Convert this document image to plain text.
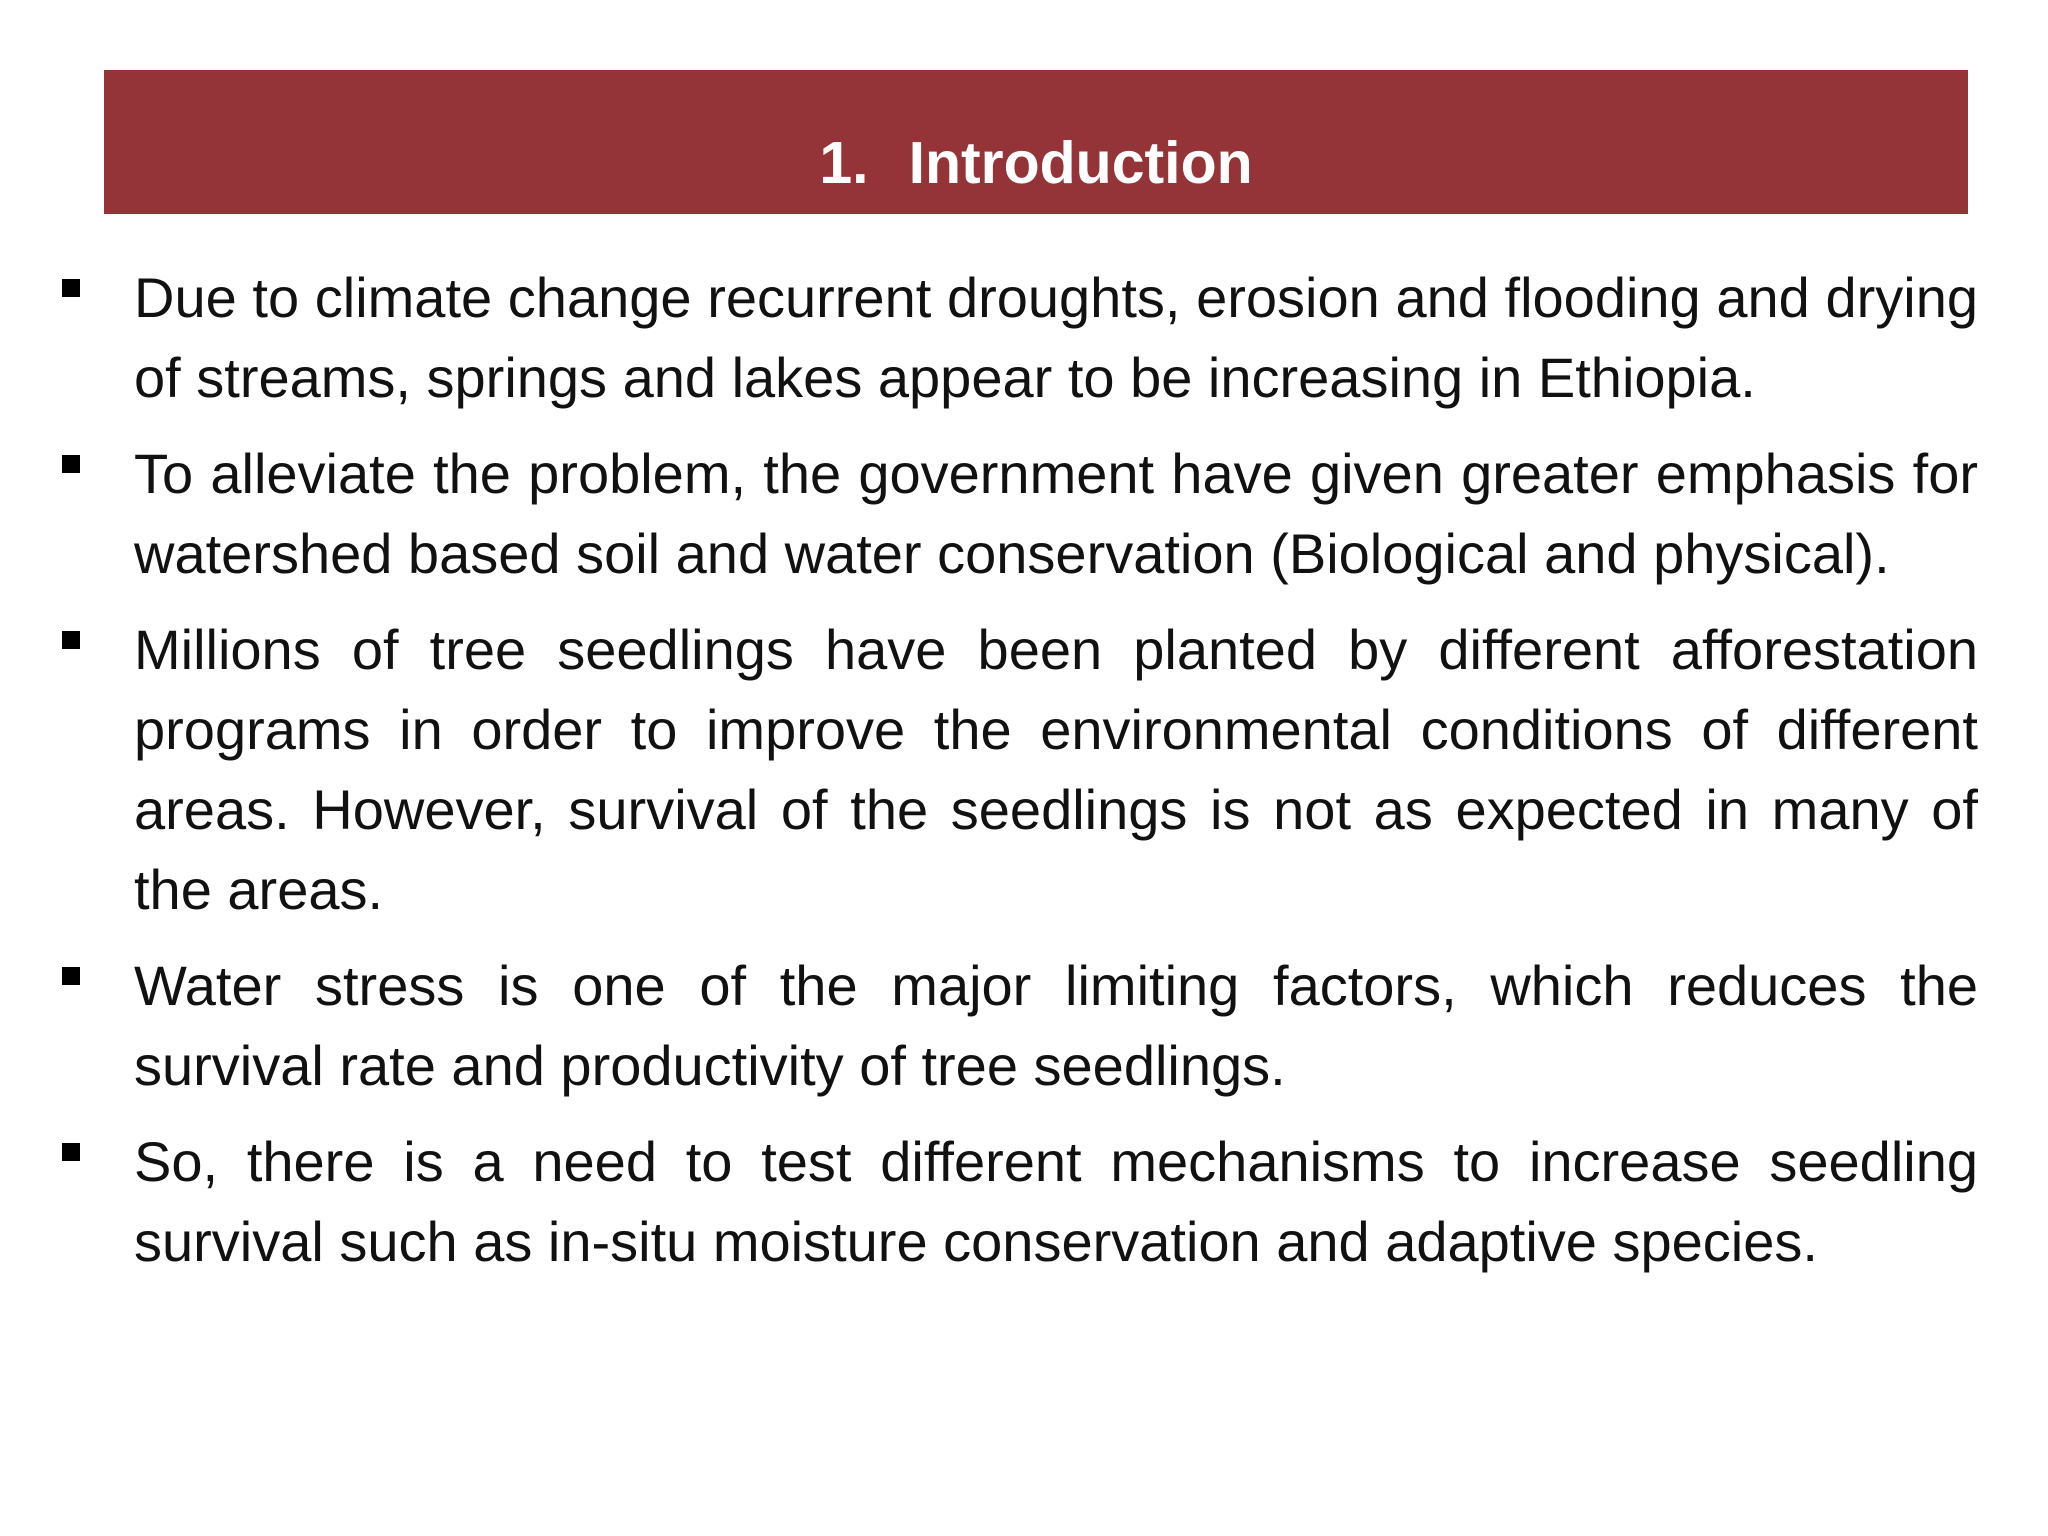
1. Introduction
Due to climate change recurrent droughts, erosion and flooding and drying of streams, springs and lakes appear to be increasing in Ethiopia.
To alleviate the problem, the government have given greater emphasis for watershed based soil and water conservation (Biological and physical).
Millions of tree seedlings have been planted by different afforestation programs in order to improve the environmental conditions of different areas. However, survival of the seedlings is not as expected in many of the areas.
Water stress is one of the major limiting factors, which reduces the survival rate and productivity of tree seedlings.
So, there is a need to test different mechanisms to increase seedling survival such as in-situ moisture conservation and adaptive species.
